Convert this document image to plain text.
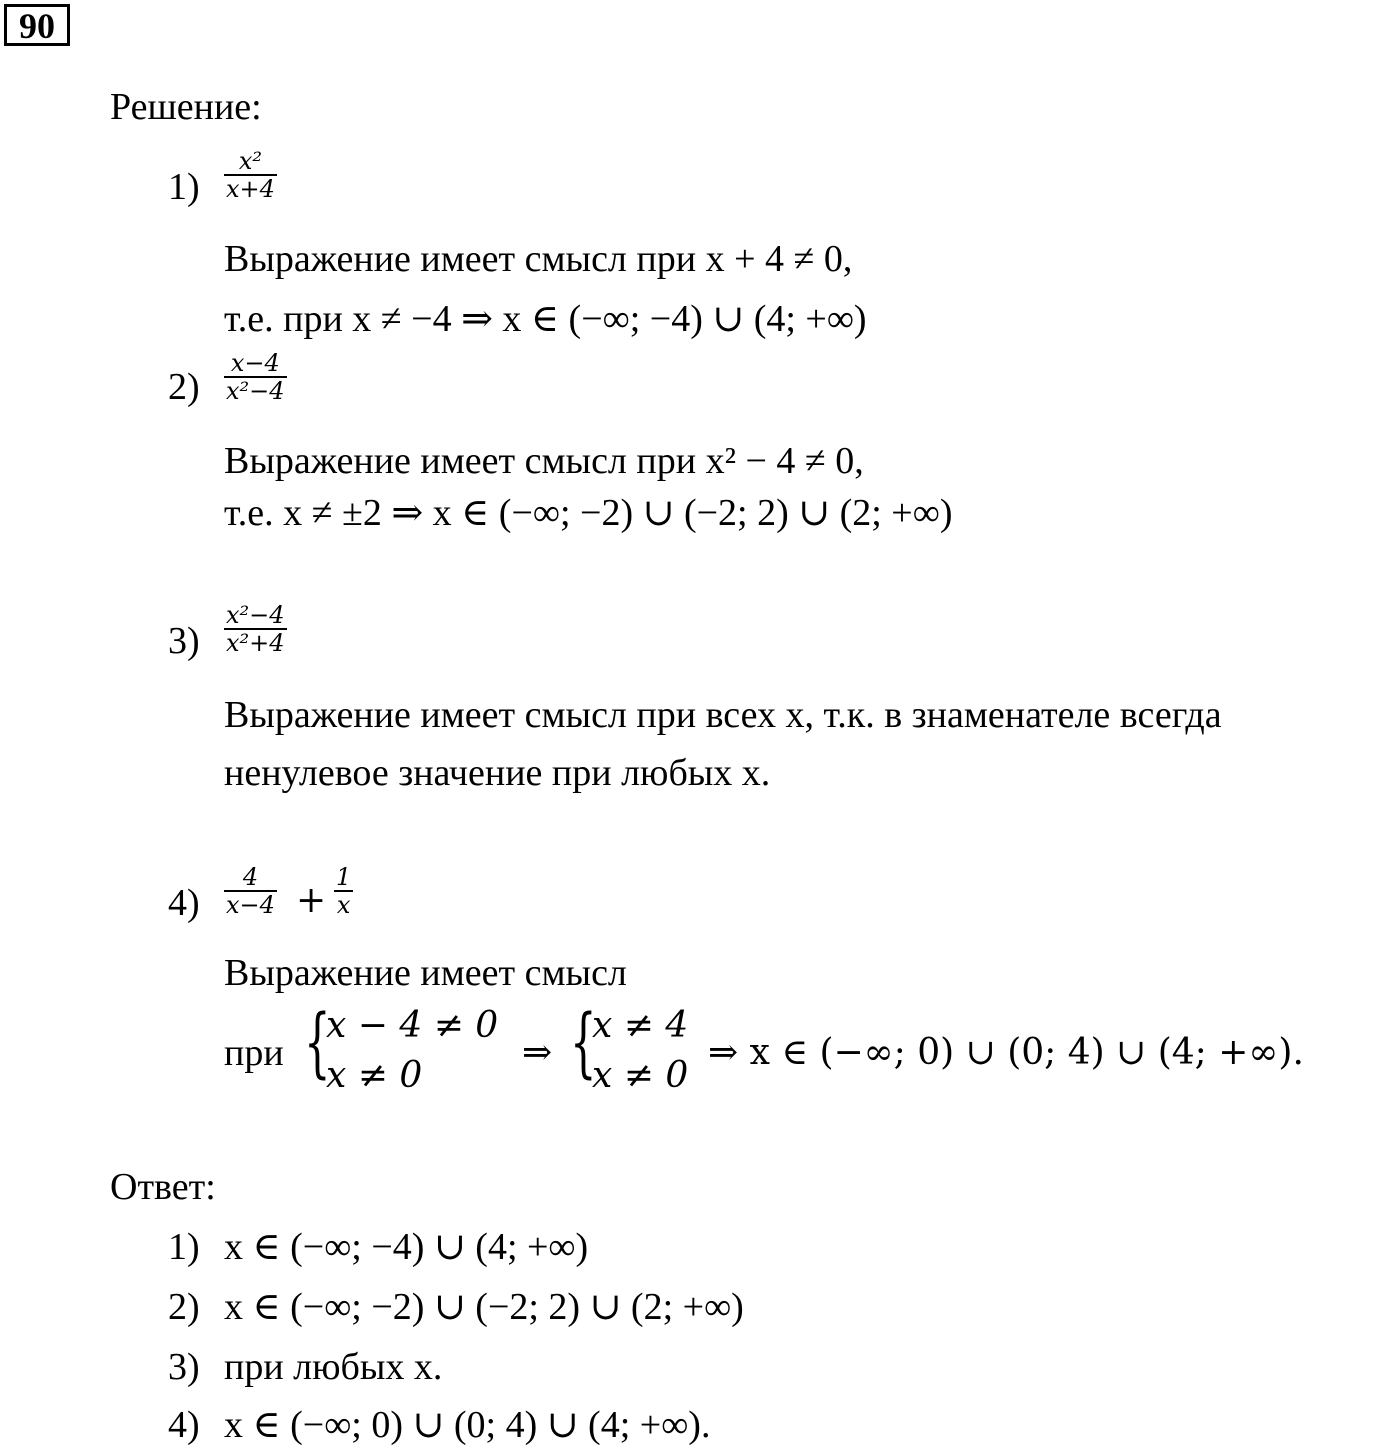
90
Решение:
$1) \frac{\text{x²}}{x+4}$
Выражение имеет смысл при x + 4 ≠ 0,
т.е. при x ≠ −4 ⇒ x ∈ (−∞; −4) ∪ (4; +∞)
$2) \frac{x-4}{\text{x²−4}}$
Выражение имеет смысл при x² − 4 ≠ 0,
т.е. x ≠ ±2 ⇒ x ∈ (−∞; −2) ∪ (−2; 2) ∪ (2; +∞)
$3) \frac{\text{x²−4}}{\text{x²+4}}$
Выражение имеет смысл при всех x, т.к. в знаменателе всегда
ненулевое значение при любых x.
$4) \frac{4}{x-4} + \frac{1}{x}$
Выражение имеет смысл
при {
x − 4 ≠ 0
x ≠ 0
⇒ {
x ≠ 4
x ≠ 0
⇒ x ∈ (−∞; 0) ∪ (0; 4) ∪ (4; +∞).
Ответ:
1) x ∈ (−∞; −4) ∪ (4; +∞)
2) x ∈ (−∞; −2) ∪ (−2; 2) ∪ (2; +∞)
3) при любых x.
4) x ∈ (−∞; 0) ∪ (0; 4) ∪ (4; +∞).
